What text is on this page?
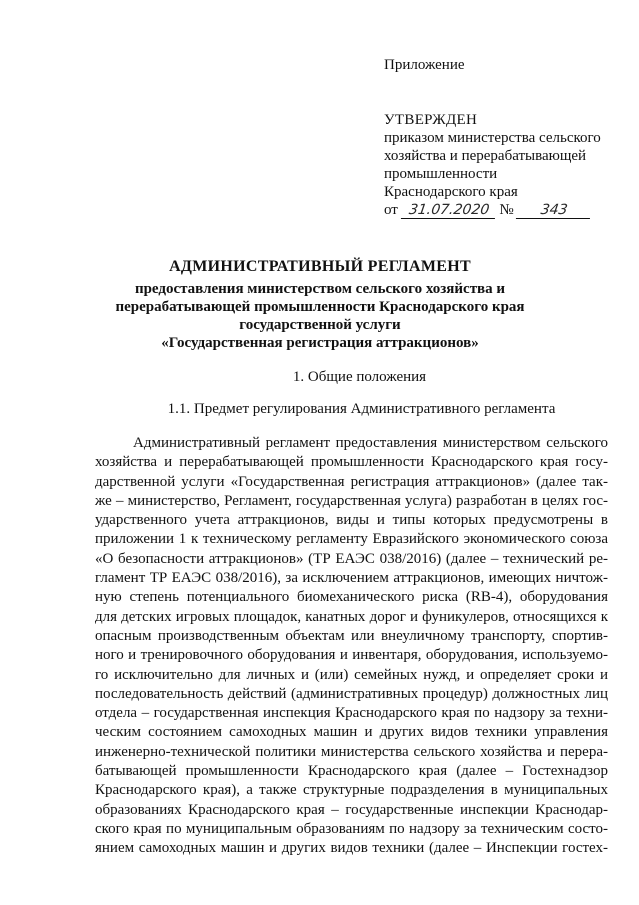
Приложение
УТВЕРЖДЕН
приказом министерства сельского
хозяйства и перерабатывающей
промышленности
Краснодарского края
от 31.07.2020 № 343
АДМИНИСТРАТИВНЫЙ РЕГЛАМЕНТ
предоставления министерством сельского хозяйства и
перерабатывающей промышленности Краснодарского края
государственной услуги
«Государственная регистрация аттракционов»
1. Общие положения
1.1. Предмет регулирования Административного регламента
Административный регламент предоставления министерством сельского
хозяйства и перерабатывающей промышленности Краснодарского края госу-
дарственной услуги «Государственная регистрация аттракционов» (далее так-
же – министерство, Регламент, государственная услуга) разработан в целях гос-
ударственного учета аттракционов, виды и типы которых предусмотрены в
приложении 1 к техническому регламенту Евразийского экономического союза
«О безопасности аттракционов» (ТР ЕАЭС 038/2016) (далее – технический ре-
гламент ТР ЕАЭС 038/2016), за исключением аттракционов, имеющих ничтож-
ную степень потенциального биомеханического риска (RB-4), оборудования
для детских игровых площадок, канатных дорог и фуникулеров, относящихся к
опасным производственным объектам или внеуличному транспорту, спортив-
ного и тренировочного оборудования и инвентаря, оборудования, используемо-
го исключительно для личных и (или) семейных нужд, и определяет сроки и
последовательность действий (административных процедур) должностных лиц
отдела – государственная инспекция Краснодарского края по надзору за техни-
ческим состоянием самоходных машин и других видов техники управления
инженерно-технической политики министерства сельского хозяйства и перера-
батывающей промышленности Краснодарского края (далее – Гостехнадзор
Краснодарского края), а также структурные подразделения в муниципальных
образованиях Краснодарского края – государственные инспекции Краснодар-
ского края по муниципальным образованиям по надзору за техническим состо-
янием самоходных машин и других видов техники (далее – Инспекции гостех-
